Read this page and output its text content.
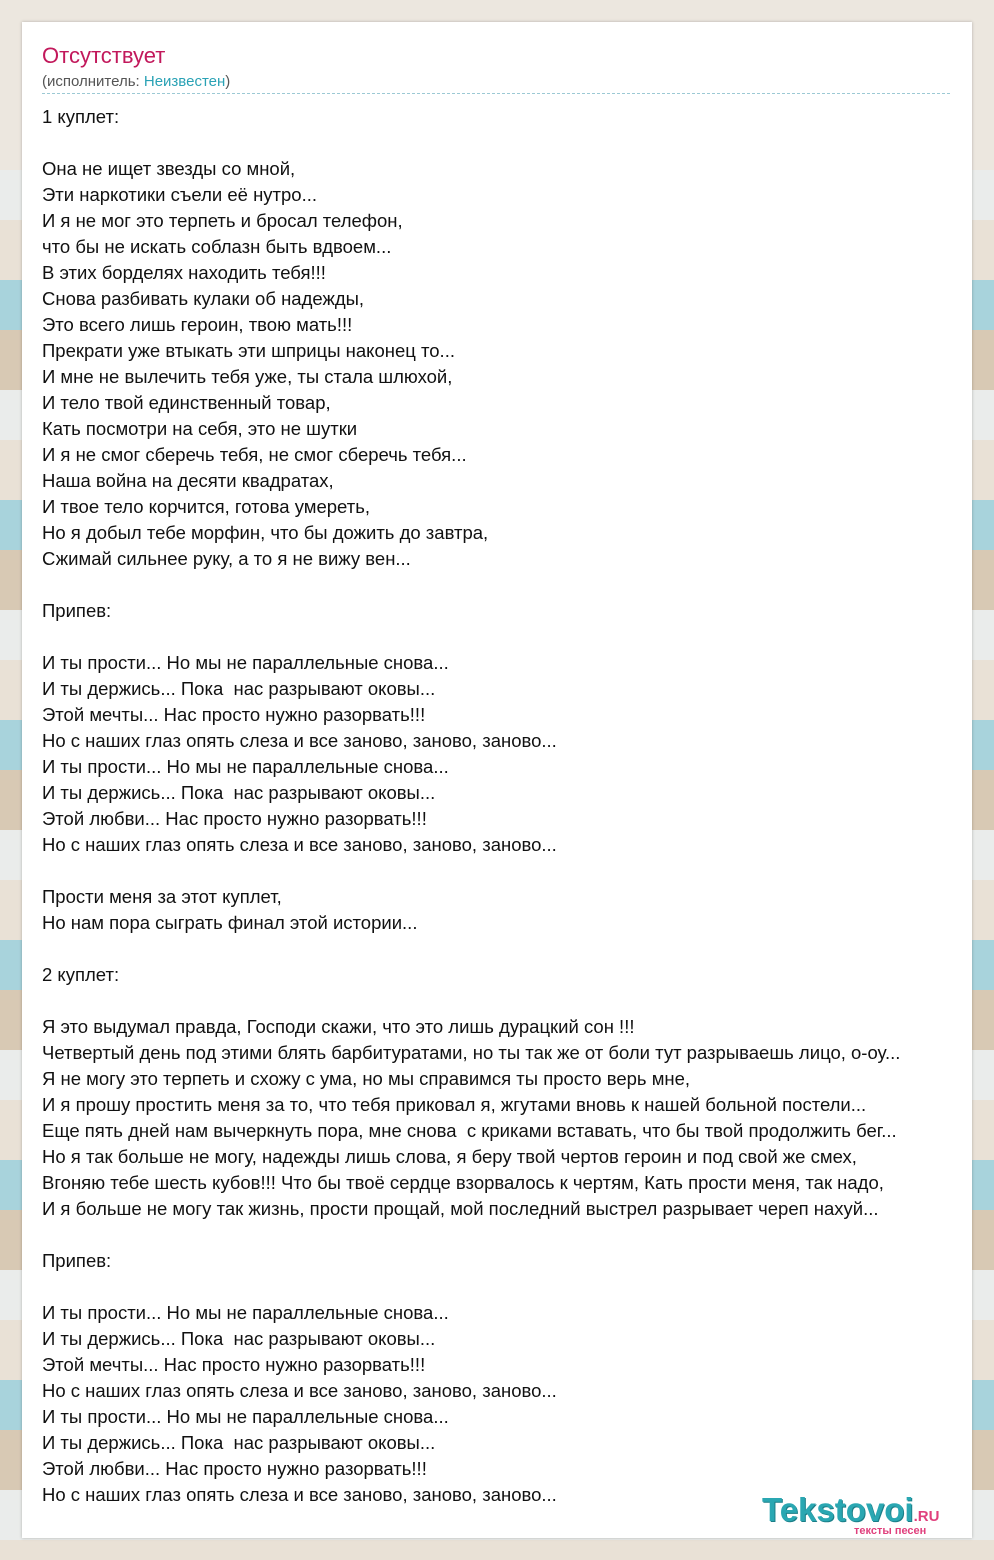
Отсутствует
(исполнитель: Неизвестен)
1 куплет:

Она не ищет звезды со мной,
Эти наркотики съели её нутро...
И я не мог это терпеть и бросал телефон,
что бы не искать соблазн быть вдвоем...
В этих борделях находить тебя!!!
Снова разбивать кулаки об надежды,
Это всего лишь героин, твою мать!!!
Прекрати уже втыкать эти шприцы наконец то...
И мне не вылечить тебя уже, ты стала шлюхой,
И тело твой единственный товар,
Кать посмотри на себя, это не шутки
И я не смог сберечь тебя, не смог сберечь тебя...
Наша война на десяти квадратах,
И твое тело корчится, готова умереть,
Но я добыл тебе морфин, что бы дожить до завтра,
Сжимай сильнее руку, а то я не вижу вен...

Припев:

И ты прости... Но мы не параллельные снова...
И ты держись... Пока  нас разрывают оковы...
Этой мечты... Нас просто нужно разорвать!!!
Но с наших глаз опять слеза и все заново, заново, заново...
И ты прости... Но мы не параллельные снова...
И ты держись... Пока  нас разрывают оковы...
Этой любви... Нас просто нужно разорвать!!!
Но с наших глаз опять слеза и все заново, заново, заново...

Прости меня за этот куплет,
Но нам пора сыграть финал этой истории...

2 куплет:

Я это выдумал правда, Господи скажи, что это лишь дурацкий сон !!!
Четвертый день под этими блять барбитуратами, но ты так же от боли тут разрываешь лицо, о-оу...
Я не могу это терпеть и схожу с ума, но мы справимся ты просто верь мне,
И я прошу простить меня за то, что тебя приковал я, жгутами вновь к нашей больной постели...
Еще пять дней нам вычеркнуть пора, мне снова  с криками вставать, что бы твой продолжить бег...
Но я так больше не могу, надежды лишь слова, я беру твой чертов героин и под свой же смех,
Вгоняю тебе шесть кубов!!! Что бы твоё сердце взорвалось к чертям, Кать прости меня, так надо,
И я больше не могу так жизнь, прости прощай, мой последний выстрел разрывает череп нахуй...

Припев:

И ты прости... Но мы не параллельные снова...
И ты держись... Пока  нас разрывают оковы...
Этой мечты... Нас просто нужно разорвать!!!
Но с наших глаз опять слеза и все заново, заново, заново...
И ты прости... Но мы не параллельные снова...
И ты держись... Пока  нас разрывают оковы...
Этой любви... Нас просто нужно разорвать!!!
Но с наших глаз опять слеза и все заново, заново, заново...	Tekstovoi.RU
тексты песен
